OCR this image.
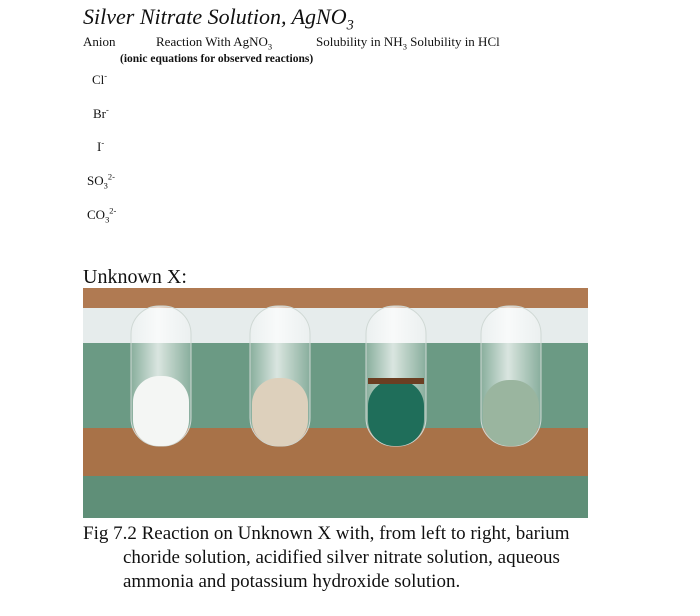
Silver Nitrate Solution, AgNO$_3$
Anion	Reaction With AgNO$_3$	Solubility in $NH_3$ Solubility in HCl
(ionic equations for observed reactions)
Cl-
Br-
I-
$SO_3^{2-}$
$CO_3^{2-}$
Unknown X:
Fig 7.2 Reaction on Unknown X with, from left to right, barium
choride solution, acidified silver nitrate solution, aqueous
ammonia and potassium hydroxide solution.
